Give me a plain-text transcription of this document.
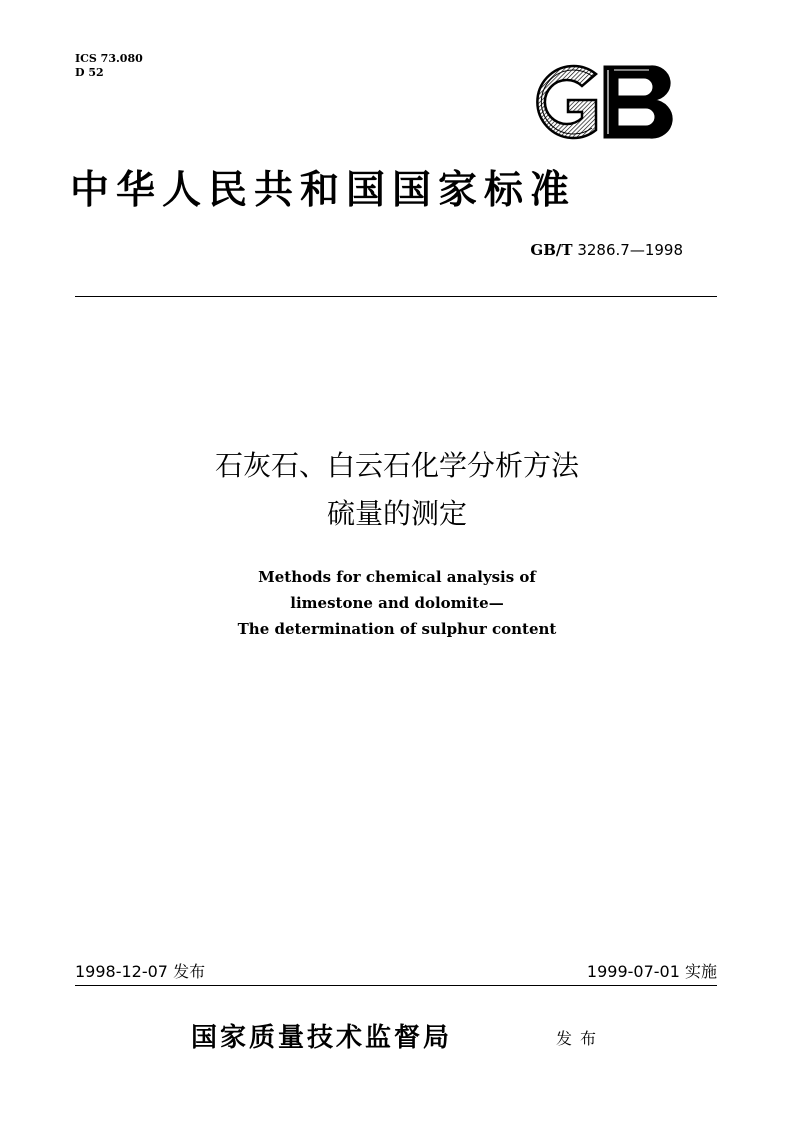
ICS 73.080
D 52
中华人民共和国国家标准
GB/T 3286.7—1998
石灰石、白云石化学分析方法
硫量的测定
Methods for chemical analysis of
limestone and dolomite—
The determination of sulphur content
1998-12-07 发布	1999-07-01 实施
国家质量技术监督局	发布
